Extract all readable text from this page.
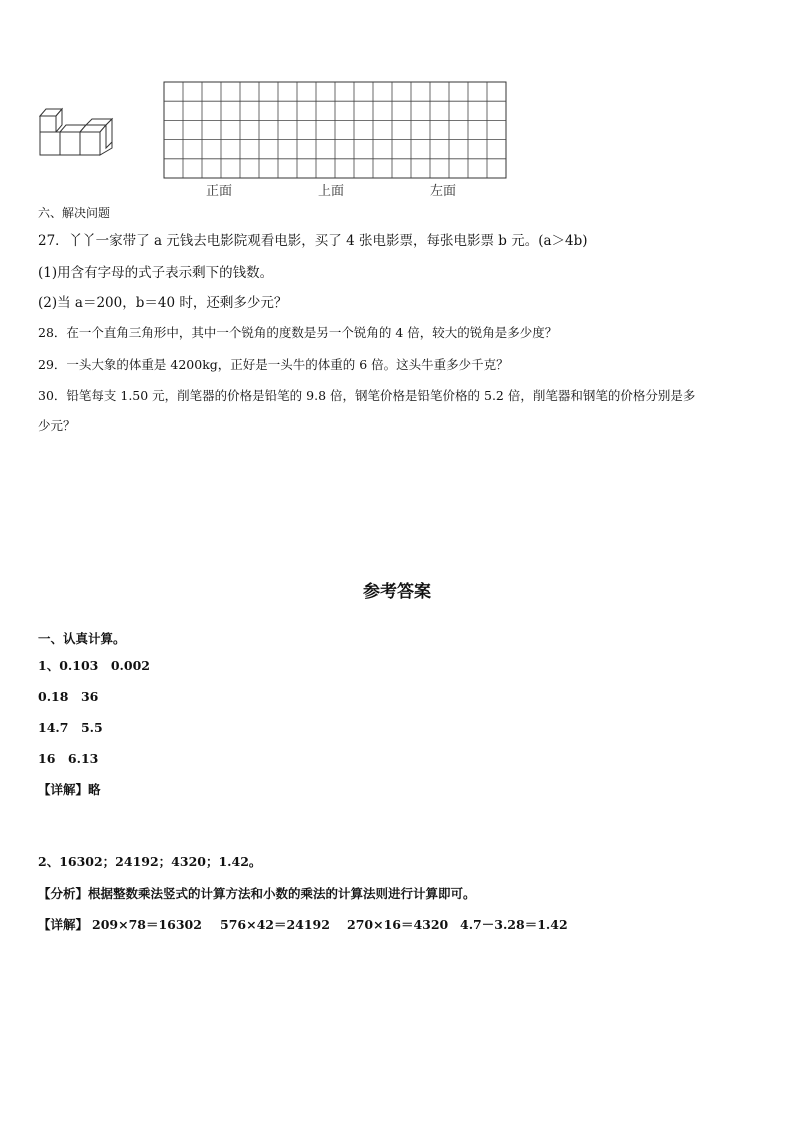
正面	上面	左面
六、解决问题
27．丫丫一家带了 a 元钱去电影院观看电影，买了 4 张电影票，每张电影票 b 元。(a＞4b)
(1)用含有字母的式子表示剩下的钱数。
(2)当 a＝200，b＝40 时，还剩多少元？
28．在一个直角三角形中，其中一个锐角的度数是另一个锐角的 4 倍，较大的锐角是多少度？
29．一头大象的体重是 4200kg，正好是一头牛的体重的 6 倍。这头牛重多少千克？
30．铅笔每支 1.50 元，削笔器的价格是铅笔的 9.8 倍，钢笔价格是铅笔价格的 5.2 倍，削笔器和钢笔的价格分别是多
少元？
参考答案
一、认真计算。
1、0.103　0.002
0.18　36
14.7　5.5
16　6.13
【详解】略
2、16302；24192；4320；1.42。
【分析】根据整数乘法竖式的计算方法和小数的乘法的计算法则进行计算即可。
【详解】 209×78＝16302 576×42＝24192 270×16＝4320 4.7－3.28＝1.42
